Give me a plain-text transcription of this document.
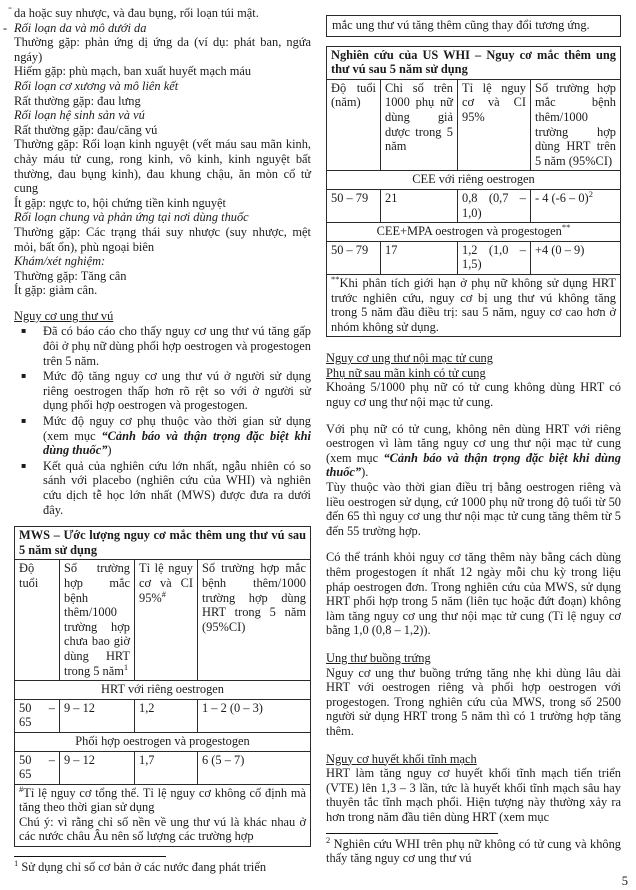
- da hoặc suy nhược, và đau bụng, rối loạn túi mật.
- Rối loạn da và mô dưới da
Thường gặp: phản ứng dị ứng da (ví dụ: phát ban, ngứa ngáy)
Hiếm gặp: phù mạch, ban xuất huyết mạch máu
Rối loạn cơ xương và mô liên kết
Rất thường gặp: đau lưng
Rối loạn hệ sinh sản và vú
Rất thường gặp: đau/căng vú
Thường gặp: Rối loạn kinh nguyệt (vết máu sau mãn kinh, chảy máu tử cung, rong kinh, vô kinh, kinh nguyệt bất thường, đau bụng kinh), đau khung chậu, ăn mòn cổ tử cung
Ít gặp: ngực to, hội chứng tiền kinh nguyệt
Rối loạn chung và phản ứng tại nơi dùng thuốc
Thường gặp: Các trạng thái suy nhược (suy nhược, mệt mỏi, bất ổn), phù ngoại biên
Khám/xét nghiệm:
Thường gặp: Tăng cân
Ít gặp: giảm cân.
Nguy cơ ung thư vú
▪	Đã có báo cáo cho thấy nguy cơ ung thư vú tăng gấp đôi ở phụ nữ dùng phối hợp oestrogen và progestogen trên 5 năm.
▪	Mức độ tăng nguy cơ ung thư vú ở người sử dụng riêng oestrogen thấp hơn rõ rệt so với ở người sử dụng phối hợp oestrogen và progestogen.
▪	Mức độ nguy cơ phụ thuộc vào thời gian sử dụng (xem mục “Cảnh báo và thận trọng đặc biệt khi dùng thuốc”)
▪	Kết quả của nghiên cứu lớn nhất, ngẫu nhiên có so sánh với placebo (nghiên cứu của WHI) và nghiên cứu dịch tễ học lớn nhất (MWS) được đưa ra dưới đây.
MWS – Ước lượng nguy cơ mắc thêm ung thư vú sau 5 năm sử dụng			
Độ tuổi	Số trường hợp mắc bệnh thêm/1000 trường hợp chưa bao giờ dùng HRT trong 5 năm$^1$	Tỉ lệ nguy cơ và CI 95%#	Số trường hợp mắc bệnh thêm/1000 trường hợp dùng HRT trong 5 năm (95%CI)
HRT với riêng oestrogen			
50 – 65	9 – 12	1,2	1 – 2 (0 – 3)
Phối hợp oestrogen và progestogen			
50 – 65	9 – 12	1,7	6 (5 – 7)

#Tỉ lệ nguy cơ tổng thể. Tỉ lệ nguy cơ không cố định mà tăng theo thời gian sử dụng
Chú ý: vì rằng chỉ số nền về ung thư vú là khác nhau ở các nước châu Âu nên số lượng các trường hợp			
$^1$ Sử dụng chỉ số cơ bản ở các nước đang phát triển
mắc ung thư vú tăng thêm cũng thay đổi tương ứng.
Nghiên cứu của US WHI – Nguy cơ mắc thêm ung thư vú sau 5 năm sử dụng			
Độ tuổi (năm)	Chỉ số trên 1000 phụ nữ dùng giả dược trong 5 năm	Tỉ lệ nguy cơ và CI 95%	Số trường hợp mắc bệnh thêm/1000 trường hợp dùng HRT trên 5 năm (95%CI)
CEE với riêng oestrogen			
50 – 79	21	0,8 (0,7 – 1,0)	- 4 (-6 – 0)$^2$
CEE+MPA oestrogen và progestogen**
50 – 79	17	1,2 (1,0 – 1,5)	+4 (0 – 9)

**Khi phân tích giới hạn ở phụ nữ không sử dụng HRT trước nghiên cứu, nguy cơ bị ung thư vú không tăng trong 5 năm đầu điều trị: sau 5 năm, nguy cơ cao hơn ở nhóm không sử dụng.			
Nguy cơ ung thư nội mạc tử cung
Phụ nữ sau mãn kinh có tử cung

Khoảng 5/1000 phụ nữ có tử cung không dùng HRT có nguy cơ ung thư nội mạc tử cung.

Với phụ nữ có tử cung, không nên dùng HRT với riêng oestrogen vì làm tăng nguy cơ ung thư nội mạc tử cung (xem mục “Cảnh báo và thận trọng đặc biệt khi dùng thuốc”).

Tùy thuộc vào thời gian điều trị bằng oestrogen riêng và liều oestrogen sử dụng, cứ 1000 phụ nữ trong độ tuổi từ 50 đến 65 thì nguy cơ ung thư nội mạc tử cung tăng thêm từ 5 đến 55 trường hợp.

Có thể tránh khỏi nguy cơ tăng thêm này bằng cách dùng thêm progestogen ít nhất 12 ngày mỗi chu kỳ trong liệu pháp oestrogen đơn. Trong nghiên cứu của MWS, sử dụng HRT phối hợp trong 5 năm (liên tục hoặc đứt đoạn) không làm tăng nguy cơ ung thư nội mạc tử cung (Tỉ lệ nguy cơ bằng 1,0 (0,8 – 1,2)).

Ung thư buồng trứng

Nguy cơ ung thư buồng trứng tăng nhẹ khi dùng lâu dài HRT với oestrogen riêng và phối hợp oestrogen với progestogen. Trong nghiên cứu của MWS, trong số 2500 người sử dụng HRT trong 5 năm thì có 1 trường hợp tăng thêm.

Nguy cơ huyết khối tĩnh mạch

HRT làm tăng nguy cơ huyết khối tĩnh mạch tiến triển (VTE) lên 1,3 – 3 lần, tức là huyết khối tĩnh mạch sâu hay thuyên tắc tĩnh mạch phổi. Hiện tượng này thường xảy ra hơn trong năm đầu tiên dùng HRT (xem mục

$^2$ Nghiên cứu WHI trên phụ nữ không có tử cung và không thấy tăng nguy cơ ung thư vú
5
